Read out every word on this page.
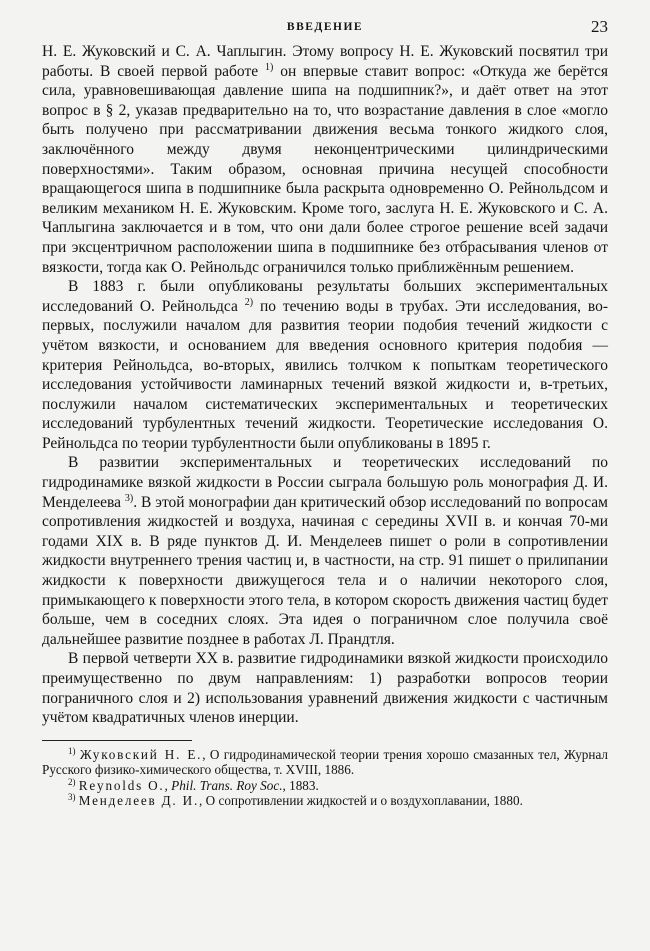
ВВЕДЕНИЕ	23

Н. Е. Жуковский и С. А. Чаплыгин. Этому вопросу Н. Е. Жуковский посвятил три работы. В своей первой работе $^{1)}$ он впервые ставит вопрос: «Откуда же берётся сила, уравновешивающая давление шипа на подшипник?», и даёт ответ на этот вопрос в § 2, указав предварительно на то, что возрастание давления в слое «могло быть получено при рассматривании движения весьма тонкого жидкого слоя, заключённого между двумя неконцентрическими цилиндрическими поверхностями». Таким образом, основная причина несущей способности вращающегося шипа в подшипнике была раскрыта одновременно О. Рейнольдсом и великим механиком Н. Е. Жуковским. Кроме того, заслуга Н. Е. Жуковского и С. А. Чаплыгина заключается и в том, что они дали более строгое решение всей задачи при эксцентричном расположении шипа в подшипнике без отбрасывания членов от вязкости, тогда как О. Рейнольдс ограничился только приближённым решением.

В 1883 г. были опубликованы результаты больших экспериментальных исследований О. Рейнольдса $^{2)}$ по течению воды в трубах. Эти исследования, во-первых, послужили началом для развития теории подобия течений жидкости с учётом вязкости, и основанием для введения основного критерия подобия — критерия Рейнольдса, во-вторых, явились толчком к попыткам теоретического исследования устойчивости ламинарных течений вязкой жидкости и, в-третьих, послужили началом систематических экспериментальных и теоретических исследований турбулентных течений жидкости. Теоретические исследования О. Рейнольдса по теории турбулентности были опубликованы в 1895 г.

В развитии экспериментальных и теоретических исследований по гидродинамике вязкой жидкости в России сыграла большую роль монография Д. И. Менделеева $^{3)}$. В этой монографии дан критический обзор исследований по вопросам сопротивления жидкостей и воздуха, начиная с середины XVII в. и кончая 70-ми годами XIX в. В ряде пунктов Д. И. Менделеев пишет о роли в сопротивлении жидкости внутреннего трения частиц и, в частности, на стр. 91 пишет о прилипании жидкости к поверхности движущегося тела и о наличии некоторого слоя, примыкающего к поверхности этого тела, в котором скорость движения частиц будет больше, чем в соседних слоях. Эта идея о пограничном слое получила своё дальнейшее развитие позднее в работах Л. Прандтля.

В первой четверти XX в. развитие гидродинамики вязкой жидкости происходило преимущественно по двум направлениям: 1) разработки вопросов теории пограничного слоя и 2) использования уравнений движения жидкости с частичным учётом квадратичных членов инерции.

$^{1)}$ Жуковский Н. Е., О гидродинамической теории трения хорошо смазанных тел, Журнал Русского физико-химического общества, т. XVIII, 1886.

$^{2)}$ Reynolds O., Phil. Trans. Roy Soc., 1883.

$^{3)}$ Менделеев Д. И., О сопротивлении жидкостей и о воздухоплавании, 1880.
